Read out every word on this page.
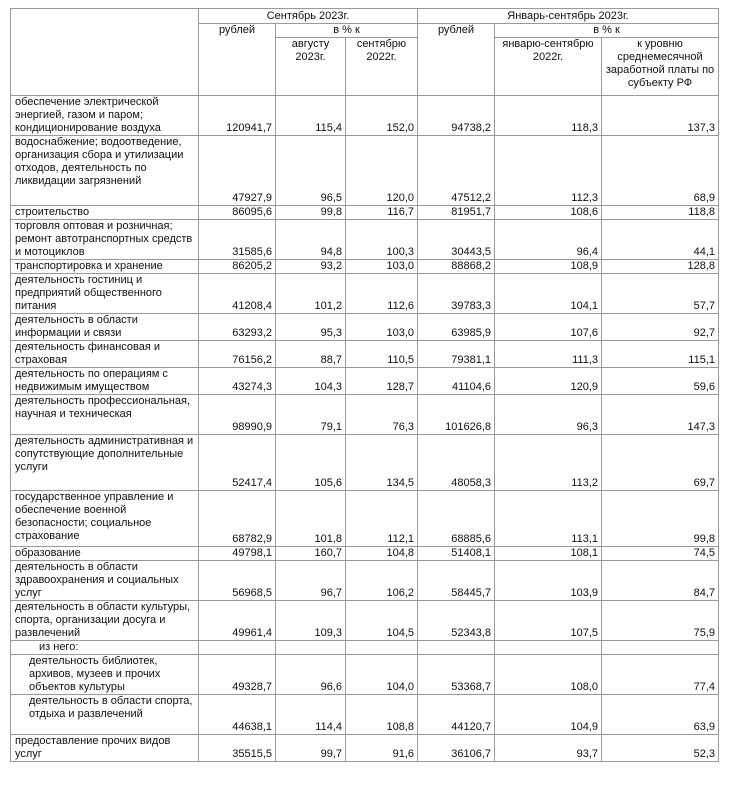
	Сентябрь 2023г.			Январь-сентябрь 2023г.		
	рублей	в % к		рублей	в % к	
		августу 2023г.	сентябрю 2022г.		январю-сентябрю 2022г.	к уровню среднемесячной заработной платы по субъекту РФ
обеспечение электрической энергией, газом и паром; кондиционирование воздуха	120941,7	115,4	152,0	94738,2	118,3	137,3
водоснабжение; водоотведение, организация сбора и утилизации отходов, деятельность по ликвидации загрязнений	47927,9	96,5	120,0	47512,2	112,3	68,9
строительство	86095,6	99,8	116,7	81951,7	108,6	118,8
торговля оптовая и розничная; ремонт автотранспортных средств и мотоциклов	31585,6	94,8	100,3	30443,5	96,4	44,1
транспортировка и хранение	86205,2	93,2	103,0	88868,2	108,9	128,8
деятельность гостиниц и предприятий общественного питания	41208,4	101,2	112,6	39783,3	104,1	57,7
деятельность в области информации и связи	63293,2	95,3	103,0	63985,9	107,6	92,7
деятельность финансовая и страховая	76156,2	88,7	110,5	79381,1	111,3	115,1
деятельность по операциям с недвижимым имуществом	43274,3	104,3	128,7	41104,6	120,9	59,6
деятельность профессиональная, научная и техническая	98990,9	79,1	76,3	101626,8	96,3	147,3
деятельность административная и сопутствующие дополнительные услуги	52417,4	105,6	134,5	48058,3	113,2	69,7
государственное управление и обеспечение военной безопасности; социальное страхование	68782,9	101,8	112,1	68885,6	113,1	99,8
образование	49798,1	160,7	104,8	51408,1	108,1	74,5
деятельность в области здравоохранения и социальных услуг	56968,5	96,7	106,2	58445,7	103,9	84,7
деятельность в области культуры, спорта, организации досуга и развлечений	49961,4	109,3	104,5	52343,8	107,5	75,9
из него:						
деятельность библиотек, архивов, музеев и прочих объектов культуры	49328,7	96,6	104,0	53368,7	108,0	77,4
деятельность в области спорта, отдыха и развлечений	44638,1	114,4	108,8	44120,7	104,9	63,9
предоставление прочих видов услуг	35515,5	99,7	91,6	36106,7	93,7	52,3
